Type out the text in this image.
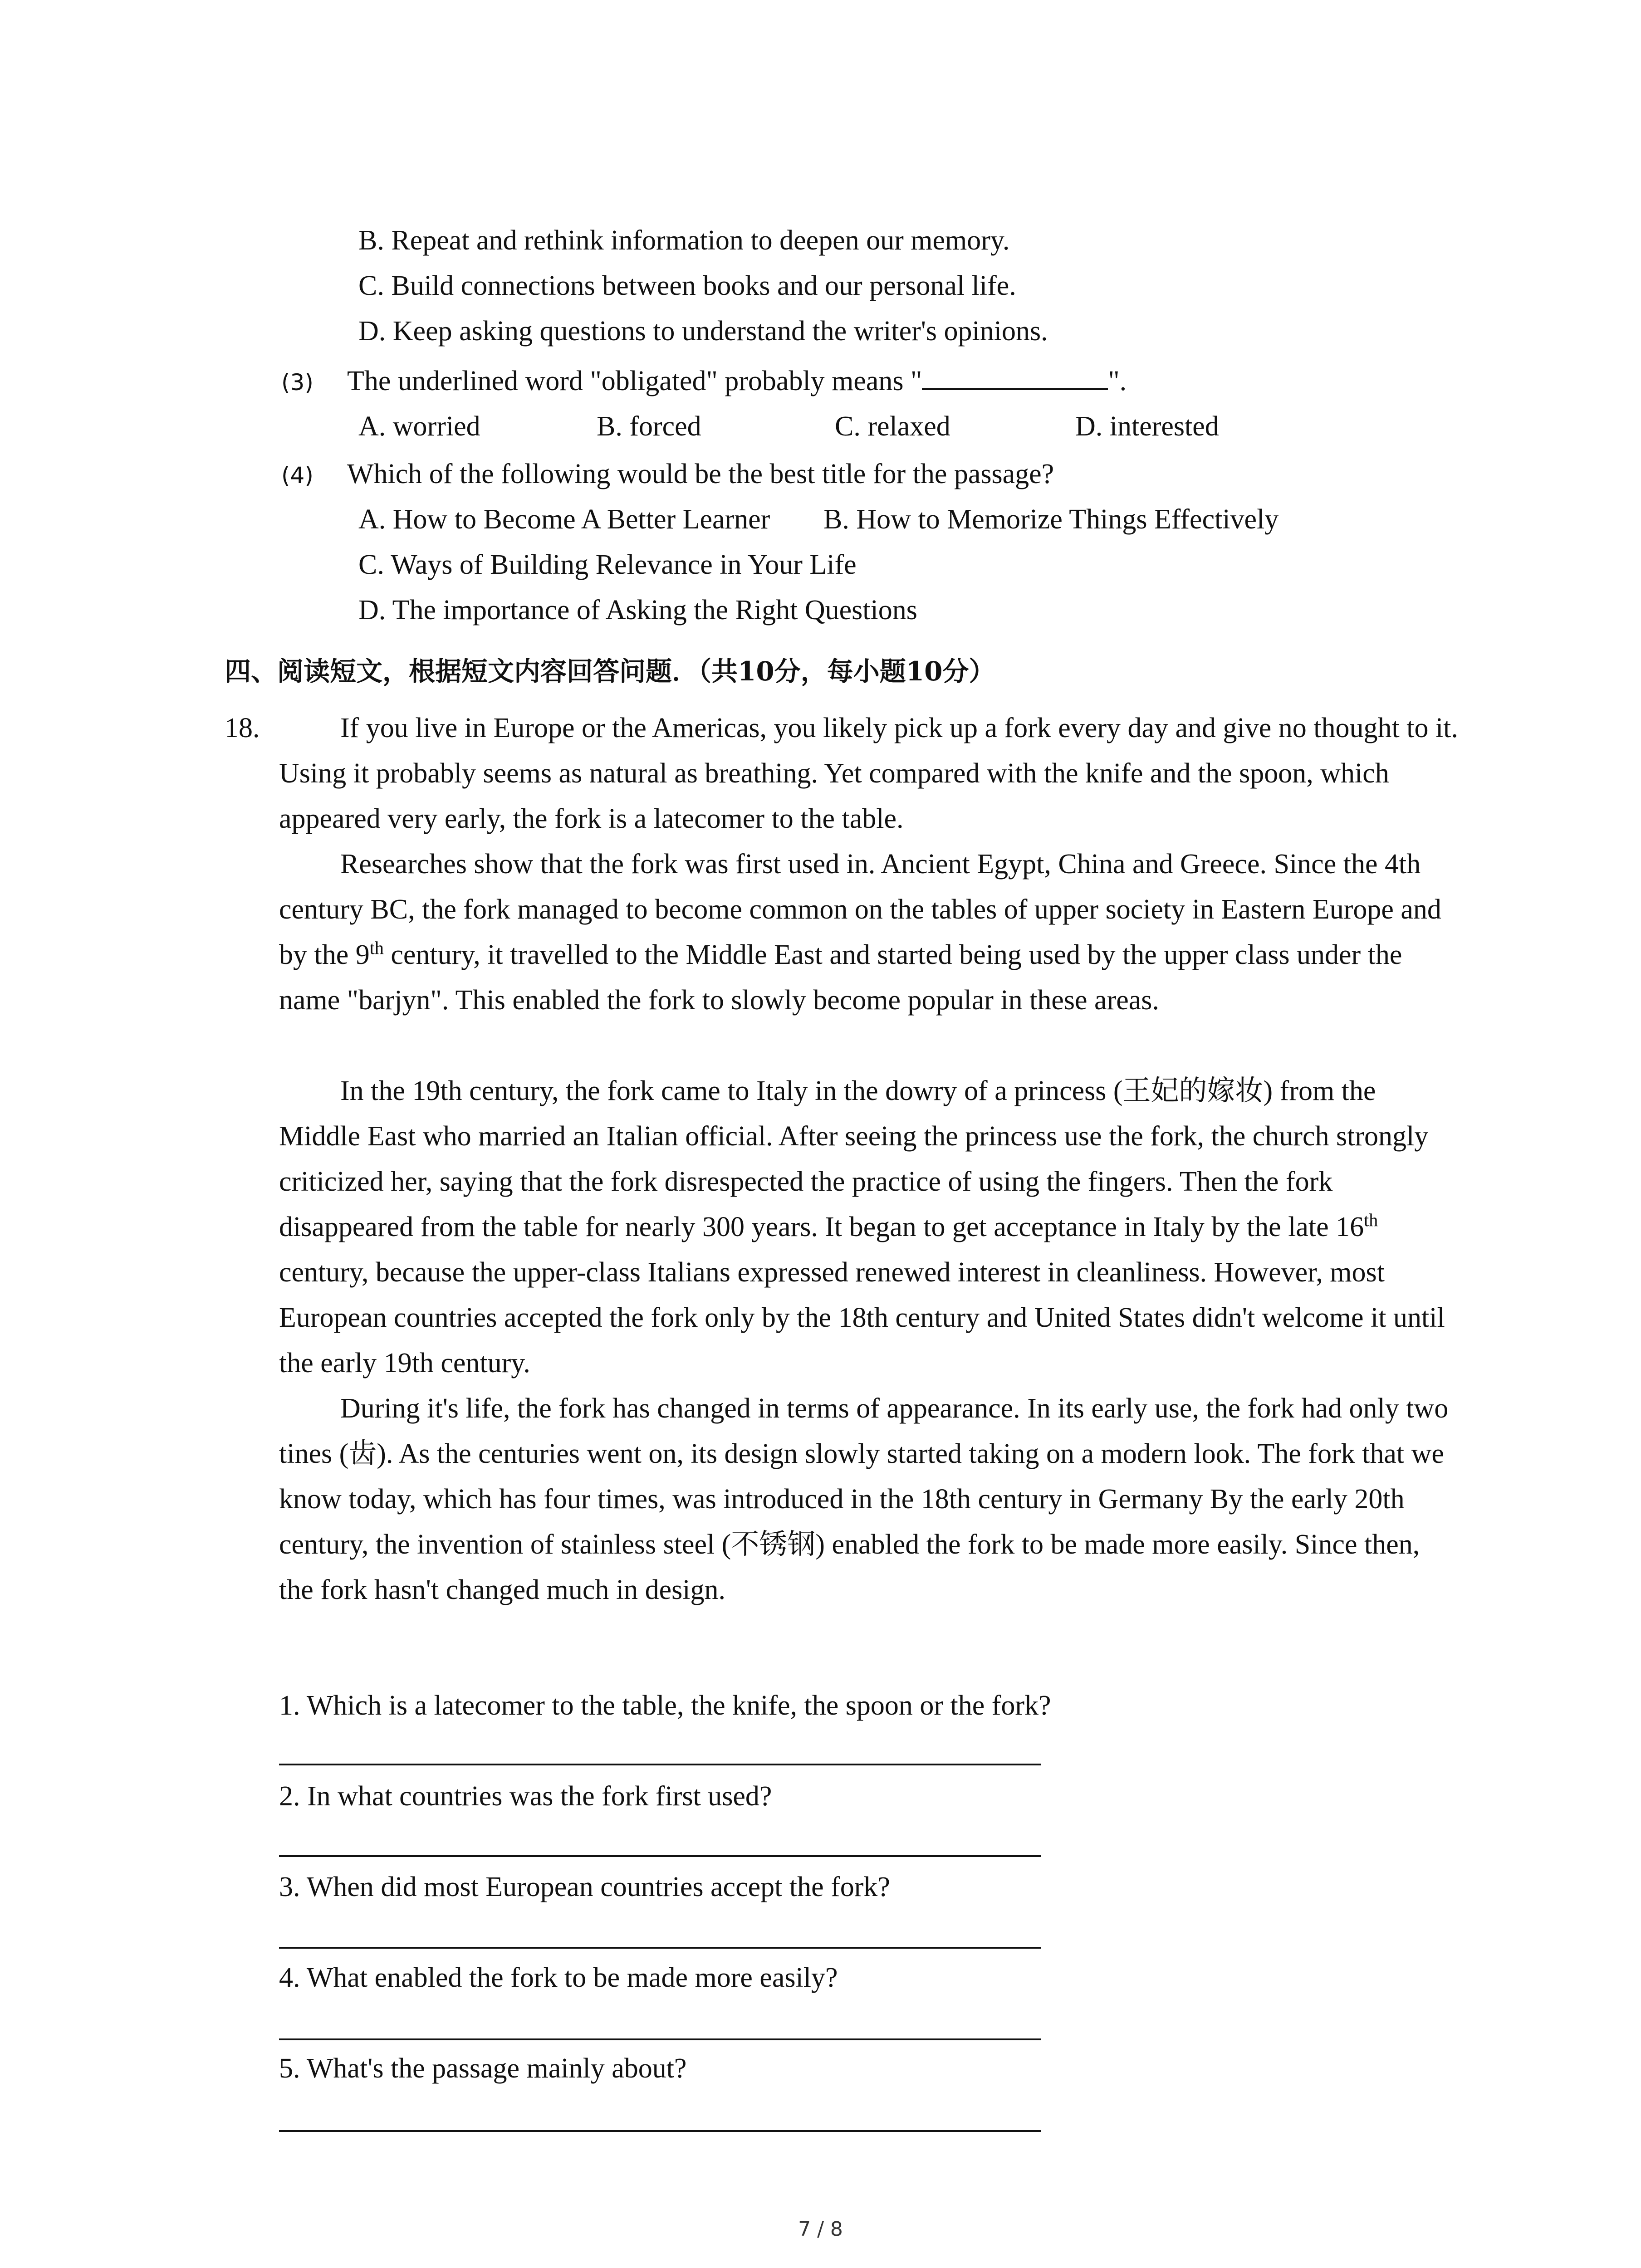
B. Repeat and rethink information to deepen our memory.
C. Build connections between books and our personal life.
D. Keep asking questions to understand the writer's opinions.
(3) The underlined word "obligated" probably means "	".
A. worried	B. forced	C. relaxed	D. interested
(4) Which of the following would be the best title for the passage?
A. How to Become A Better Learner B. How to Memorize Things Effectively
C. Ways of Building Relevance in Your Life
D. The importance of Asking the Right Questions
四、阅读短文，根据短文内容回答问题．（共10分，每小题10分）
18.	If you live in Europe or the Americas, you likely pick up a fork every day and give no thought to it. Using it probably seems as natural as breathing. Yet compared with the knife and the spoon, which appeared very early, the fork is a latecomer to the table.
Researches show that the fork was first used in. Ancient Egypt, China and Greece. Since the 4th century BC, the fork managed to become common on the tables of upper society in Eastern Europe and by the 9th century, it travelled to the Middle East and started being used by the upper class under the name "barjyn". This enabled the fork to slowly become popular in these areas.
In the 19th century, the fork came to Italy in the dowry of a princess (王妃的嫁妆) from the Middle East who married an Italian official. After seeing the princess use the fork, the church strongly criticized her, saying that the fork disrespected the practice of using the fingers. Then the fork disappeared from the table for nearly 300 years. It began to get acceptance in Italy by the late 16th century, because the upper-class Italians expressed renewed interest in cleanliness. However, most European countries accepted the fork only by the 18th century and United States didn't welcome it until the early 19th century.
During it's life, the fork has changed in terms of appearance. In its early use, the fork had only two tines (齿). As the centuries went on, its design slowly started taking on a modern look. The fork that we know today, which has four times, was introduced in the 18th century in Germany By the early 20th century, the invention of stainless steel (不锈钢) enabled the fork to be made more easily. Since then, the fork hasn't changed much in design.
1. Which is a latecomer to the table, the knife, the spoon or the fork?
2. In what countries was the fork first used?
3. When did most European countries accept the fork?
4. What enabled the fork to be made more easily?
5. What's the passage mainly about?
7 / 8
